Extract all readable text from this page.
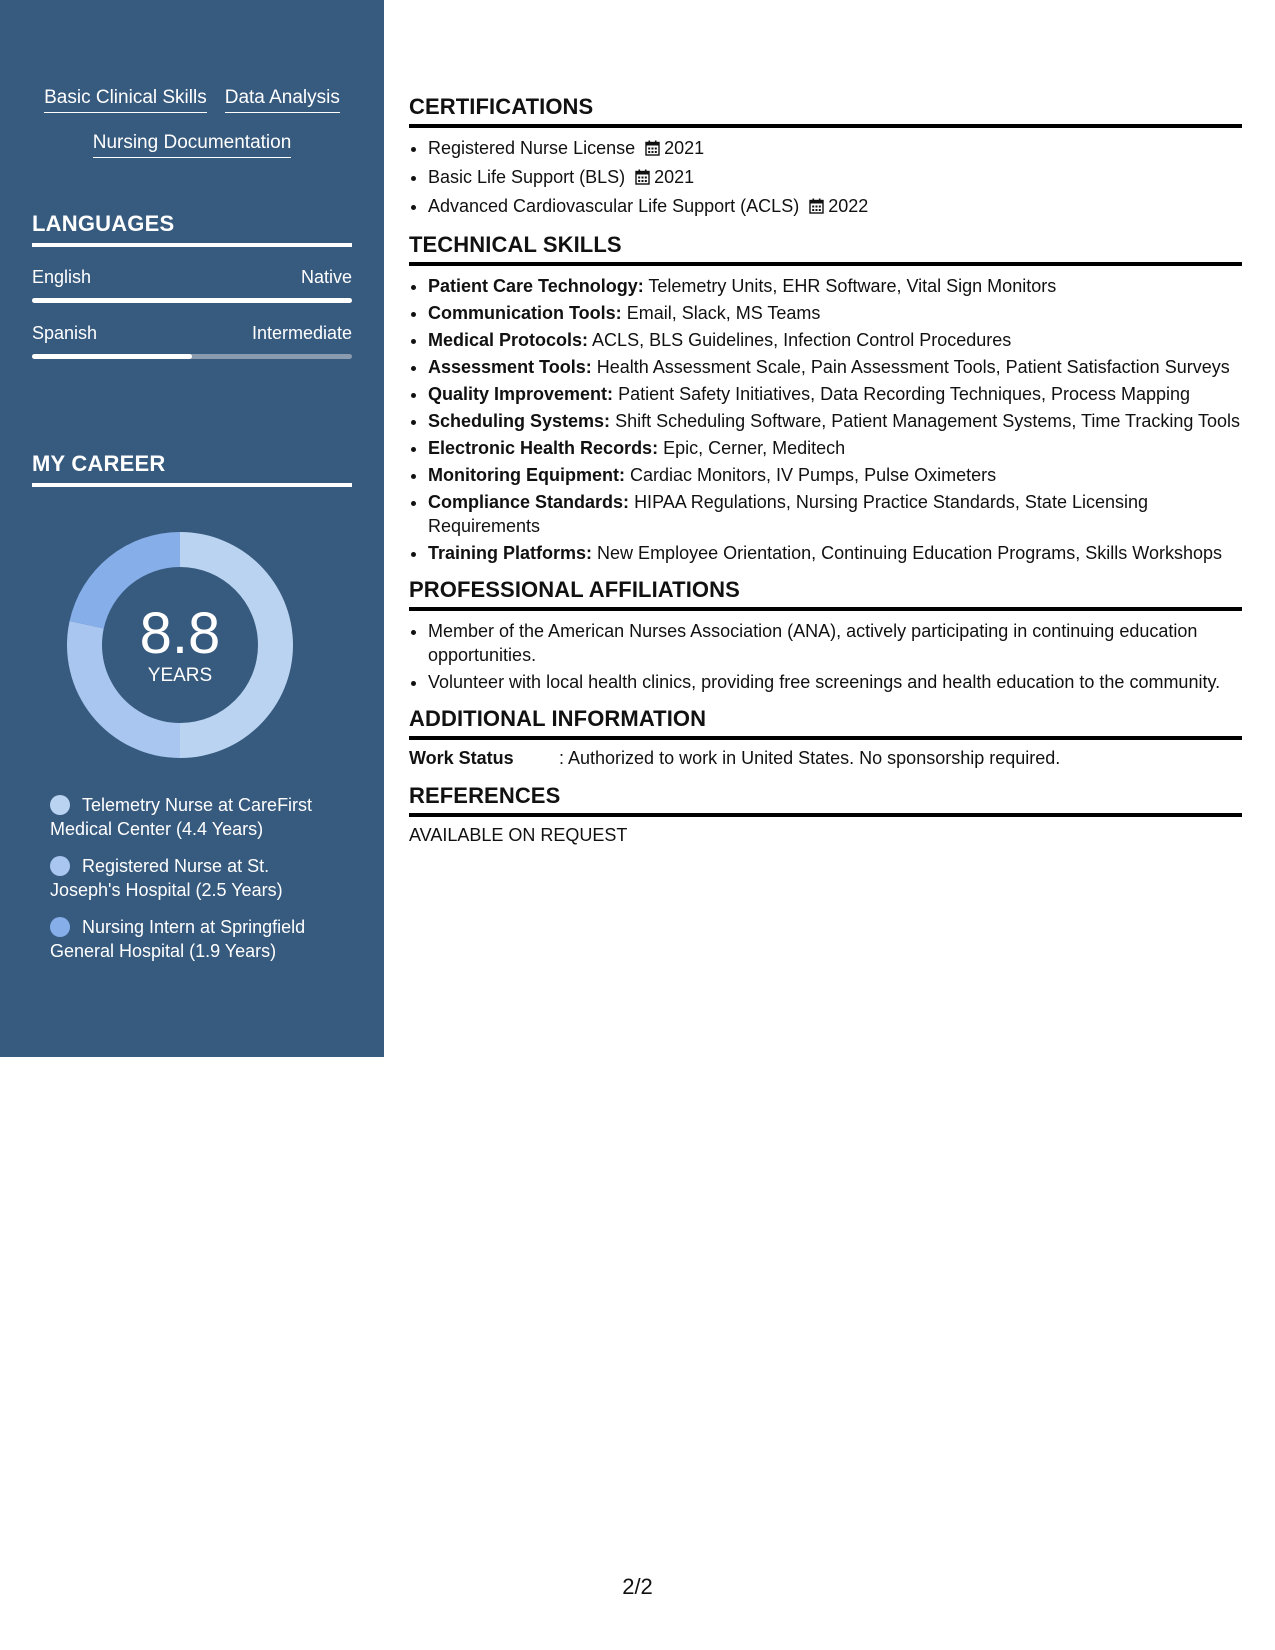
Basic Clinical Skills Data Analysis
Nursing Documentation
LANGUAGES
English	Native
Spanish	Intermediate
MY CAREER
8.8
YEARS
Telemetry Nurse at CareFirst Medical Center (4.4 Years)
Registered Nurse at St. Joseph's Hospital (2.5 Years)
Nursing Intern at Springfield General Hospital (1.9 Years)
CERTIFICATIONS
• Registered Nurse License 2021
• Basic Life Support (BLS) 2021
• Advanced Cardiovascular Life Support (ACLS) 2022
TECHNICAL SKILLS
• Patient Care Technology: Telemetry Units, EHR Software, Vital Sign Monitors
• Communication Tools: Email, Slack, MS Teams
• Medical Protocols: ACLS, BLS Guidelines, Infection Control Procedures
• Assessment Tools: Health Assessment Scale, Pain Assessment Tools, Patient Satisfaction Surveys
• Quality Improvement: Patient Safety Initiatives, Data Recording Techniques, Process Mapping
• Scheduling Systems: Shift Scheduling Software, Patient Management Systems, Time Tracking Tools
• Electronic Health Records: Epic, Cerner, Meditech
• Monitoring Equipment: Cardiac Monitors, IV Pumps, Pulse Oximeters
• Compliance Standards: HIPAA Regulations, Nursing Practice Standards, State Licensing Requirements
• Training Platforms: New Employee Orientation, Continuing Education Programs, Skills Workshops
PROFESSIONAL AFFILIATIONS
• Member of the American Nurses Association (ANA), actively participating in continuing education opportunities.
• Volunteer with local health clinics, providing free screenings and health education to the community.
ADDITIONAL INFORMATION
Work Status	: Authorized to work in United States. No sponsorship required.
REFERENCES
AVAILABLE ON REQUEST
2/2
